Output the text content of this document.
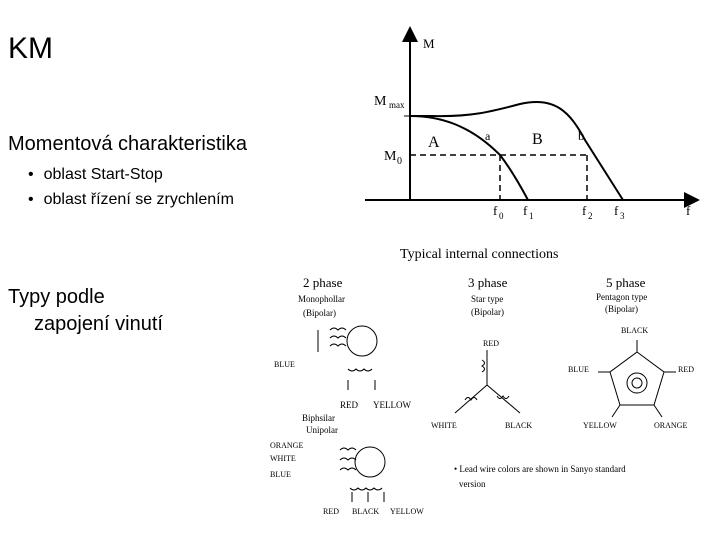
KM
Momentová charakteristika
• oblast Start-Stop
• oblast řízení se zrychlením
Typy podle
zapojení vinutí
M
M max
M 0
A	B
a	b
f 0 f 1	f 2 f 3	f
Typical internal connections
2 phase	3 phase	5 phase
Monophollar
(Bipolar)
Star type
(Bipolar)
Pentagon type
(Bipolar)
BLUE
RED YELLOW
RED
WHITE	BLACK
BLACK
BLUE	RED
YELLOW	ORANGE
Biphsilar
Unipolar
ORANGE
WHITE
BLUE
RED BLACK YELLOW
• Lead wire colors are shown in Sanyo standard
version
